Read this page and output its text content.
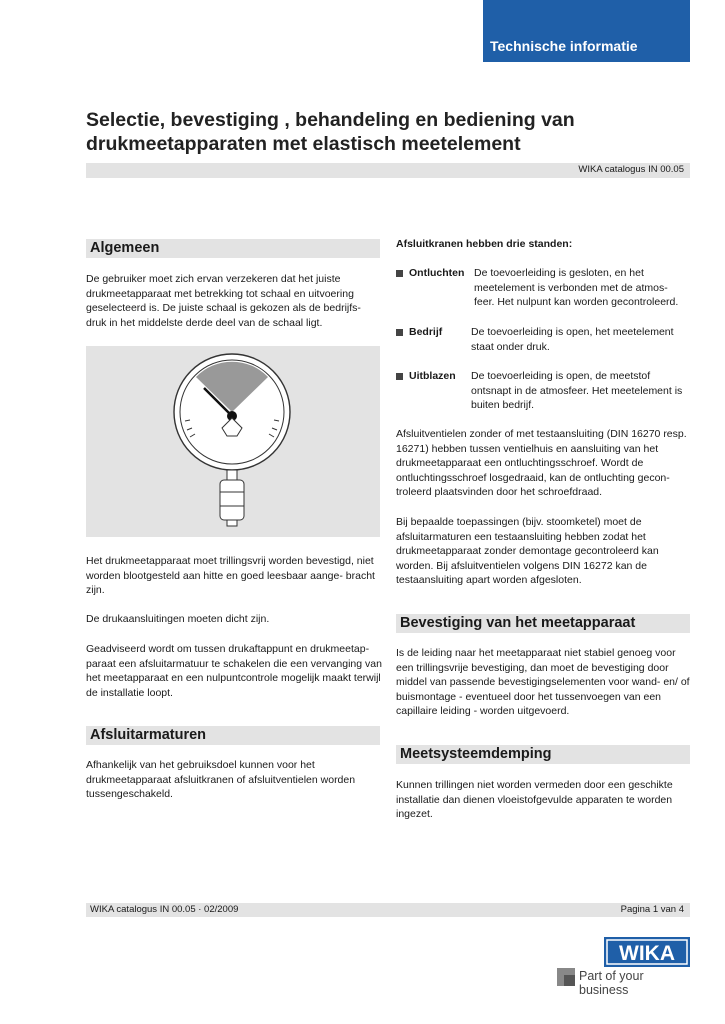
Technische informatie
Selectie, bevestiging , behandeling en bediening van drukmeetapparaten met elastisch meetelement
WIKA catalogus IN 00.05
Algemeen

De gebruiker moet zich ervan verzekeren dat het juiste drukmeetapparaat met betrekking tot schaal en uitvoering geselecteerd is. De juiste schaal is gekozen als de bedrijfs- druk in het middelste derde deel van de schaal ligt.

Het drukmeetapparaat moet trillingsvrij worden bevestigd, niet worden blootgesteld aan hitte en goed leesbaar aange- bracht zijn.

De drukaansluitingen moeten dicht zijn.

Geadviseerd wordt om tussen drukaftappunt en drukmeetap- paraat een afsluitarmatuur te schakelen die een vervanging van het meetapparaat en een nulpuntcontrole mogelijk maakt terwijl de installatie loopt.

Afsluitarmaturen

Afhankelijk van het gebruiksdoel kunnen voor het drukmeetapparaat afsluitkranen of afsluitventielen worden tussengeschakeld.

Afsluitkranen hebben drie standen:

Ontluchten De toevoerleiding is gesloten, en het meetelement is verbonden met de atmos- feer. Het nulpunt kan worden gecontroleerd.
Bedrijf	De toevoerleiding is open, het meetelement staat onder druk.
Uitblazen De toevoerleiding is open, de meetstof ontsnapt in de atmosfeer. Het meetelement is buiten bedrijf.

Afsluitventielen zonder of met testaansluiting (DIN 16270 resp. 16271) hebben tussen ventielhuis en aansluiting van het drukmeetapparaat een ontluchtingsschroef. Wordt de ontluchtingsschroef losgedraaid, kan de ontluchting gecon- troleerd plaatsvinden door het schroefdraad.

Bij bepaalde toepassingen (bijv. stoomketel) moet de afsluitarmaturen een testaansluiting hebben zodat het drukmeetapparaat zonder demontage gecontroleerd kan worden. Bij afsluitventielen volgens DIN 16272 kan de testaansluiting apart worden afgesloten.

Bevestiging van het meetapparaat

Is de leiding naar het meetapparaat niet stabiel genoeg voor een trillingsvrije bevestiging, dan moet de bevestiging door middel van passende bevestigingselementen voor wand- en/ of buismontage - eventueel door het tussenvoegen van een capillaire leiding - worden uitgevoerd.

Meetsysteemdemping

Kunnen trillingen niet worden vermeden door een geschikte installatie dan dienen vloeistofgevulde apparaten te worden ingezet.

WIKA catalogus IN 00.05 · 02/2009	Pagina 1 van 4
WIKA
Part of your business
